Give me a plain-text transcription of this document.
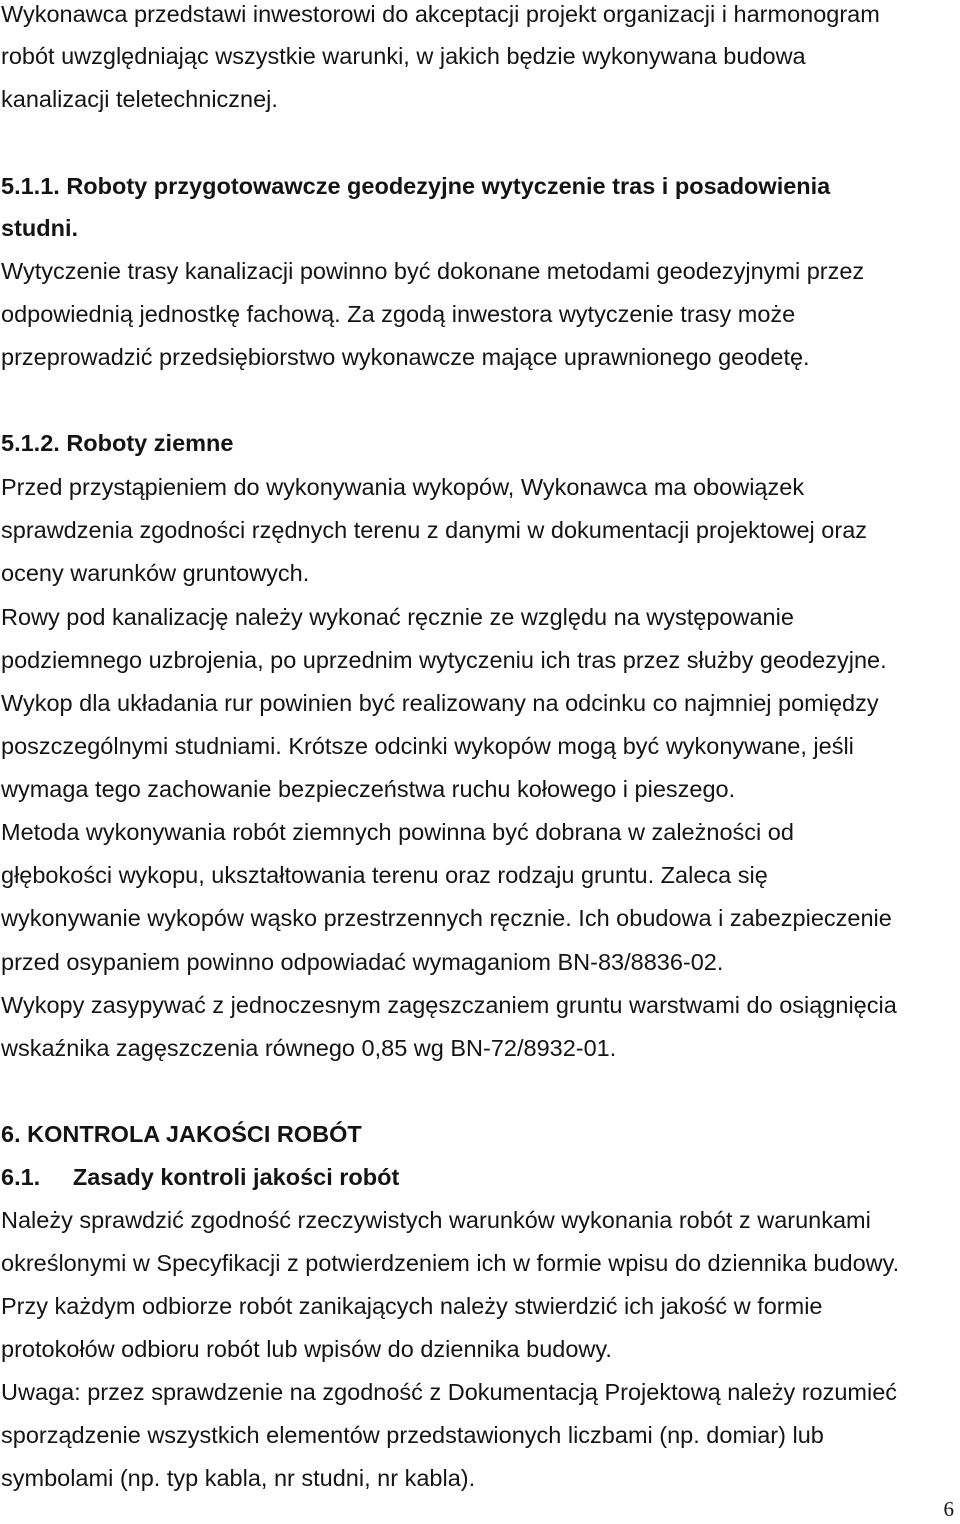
Wykonawca przedstawi inwestorowi do akceptacji projekt organizacji i harmonogram
robót uwzględniając wszystkie warunki, w jakich będzie wykonywana budowa
kanalizacji teletechnicznej.
5.1.1. Roboty przygotowawcze geodezyjne wytyczenie tras i posadowienia
studni.
Wytyczenie trasy kanalizacji powinno być dokonane metodami geodezyjnymi przez
odpowiednią jednostkę fachową. Za zgodą inwestora wytyczenie trasy może
przeprowadzić przedsiębiorstwo wykonawcze mające uprawnionego geodetę.
5.1.2. Roboty ziemne
Przed przystąpieniem do wykonywania wykopów, Wykonawca ma obowiązek
sprawdzenia zgodności rzędnych terenu z danymi w dokumentacji projektowej oraz
oceny warunków gruntowych.
Rowy pod kanalizację należy wykonać ręcznie ze względu na występowanie
podziemnego uzbrojenia, po uprzednim wytyczeniu ich tras przez służby geodezyjne.
Wykop dla układania rur powinien być realizowany na odcinku co najmniej pomiędzy
poszczególnymi studniami. Krótsze odcinki wykopów mogą być wykonywane, jeśli
wymaga tego zachowanie bezpieczeństwa ruchu kołowego i pieszego.
Metoda wykonywania robót ziemnych powinna być dobrana w zależności od
głębokości wykopu, ukształtowania terenu oraz rodzaju gruntu. Zaleca się
wykonywanie wykopów wąsko przestrzennych ręcznie. Ich obudowa i zabezpieczenie
przed osypaniem powinno odpowiadać wymaganiom BN-83/8836-02.
Wykopy zasypywać z jednoczesnym zagęszczaniem gruntu warstwami do osiągnięcia
wskaźnika zagęszczenia równego 0,85 wg BN-72/8932-01.
6. KONTROLA JAKOŚCI ROBÓT
6.1.     Zasady kontroli jakości robót
Należy sprawdzić zgodność rzeczywistych warunków wykonania robót z warunkami
określonymi w Specyfikacji z potwierdzeniem ich w formie wpisu do dziennika budowy.
Przy każdym odbiorze robót zanikających należy stwierdzić ich jakość w formie
protokołów odbioru robót lub wpisów do dziennika budowy.
Uwaga: przez sprawdzenie na zgodność z Dokumentacją Projektową należy rozumieć
sporządzenie wszystkich elementów przedstawionych liczbami (np. domiar) lub
symbolami (np. typ kabla, nr studni, nr kabla).
6
